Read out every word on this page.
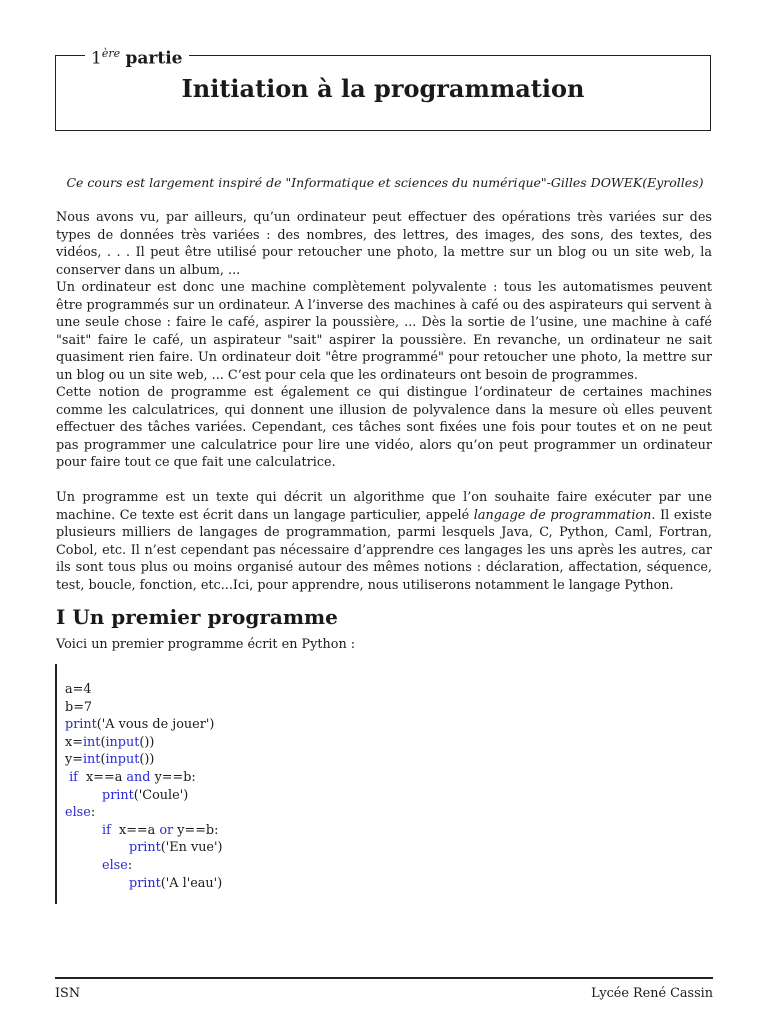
1ère partie
Initiation à la programmation
Ce cours est largement inspiré de "Informatique et sciences du numérique"-Gilles DOWEK(Eyrolles)

Nous avons vu, par ailleurs, qu’un ordinateur peut effectuer des opérations très variées sur des types de données très variées : des nombres, des lettres, des images, des sons, des textes, des vidéos, . . . Il peut être utilisé pour retoucher une photo, la mettre sur un blog ou un site web, la conserver dans un album, ...

Un ordinateur est donc une machine complètement polyvalente : tous les automatismes peuvent être programmés sur un ordinateur. A l’inverse des machines à café ou des aspirateurs qui servent à une seule chose : faire le café, aspirer la poussière, ... Dès la sortie de l’usine, une machine à café "sait" faire le café, un aspirateur "sait" aspirer la poussière. En revanche, un ordinateur ne sait quasiment rien faire. Un ordinateur doit "être programmé" pour retoucher une photo, la mettre sur un blog ou un site web, ... C’est pour cela que les ordinateurs ont besoin de programmes.

Cette notion de programme est également ce qui distingue l’ordinateur de certaines machines comme les calculatrices, qui donnent une illusion de polyvalence dans la mesure où elles peuvent effectuer des tâches variées. Cependant, ces tâches sont fixées une fois pour toutes et on ne peut pas programmer une calculatrice pour lire une vidéo, alors qu’on peut programmer un ordinateur pour faire tout ce que fait une calculatrice.

Un programme est un texte qui décrit un algorithme que l’on souhaite faire exécuter par une machine. Ce texte est écrit dans un langage particulier, appelé langage de programmation. Il existe plusieurs milliers de langages de programmation, parmi lesquels Java, C, Python, Caml, Fortran, Cobol, etc. Il n’est cependant pas nécessaire d’apprendre ces langages les uns après les autres, car ils sont tous plus ou moins organisé autour des mêmes notions : déclaration, affectation, séquence, test, boucle, fonction, etc...Ici, pour apprendre, nous utiliserons notamment le langage Python.

I Un premier programme
Voici un premier programme écrit en Python :
a=4
b=7
print('A vous de jouer')
x=int(input())
y=int(input())
if  x==a and y==b:
print('Coule')
else:
if  x==a or y==b:
print('En vue')
else:
print('A l'eau')
ISN	Lycée René Cassin
